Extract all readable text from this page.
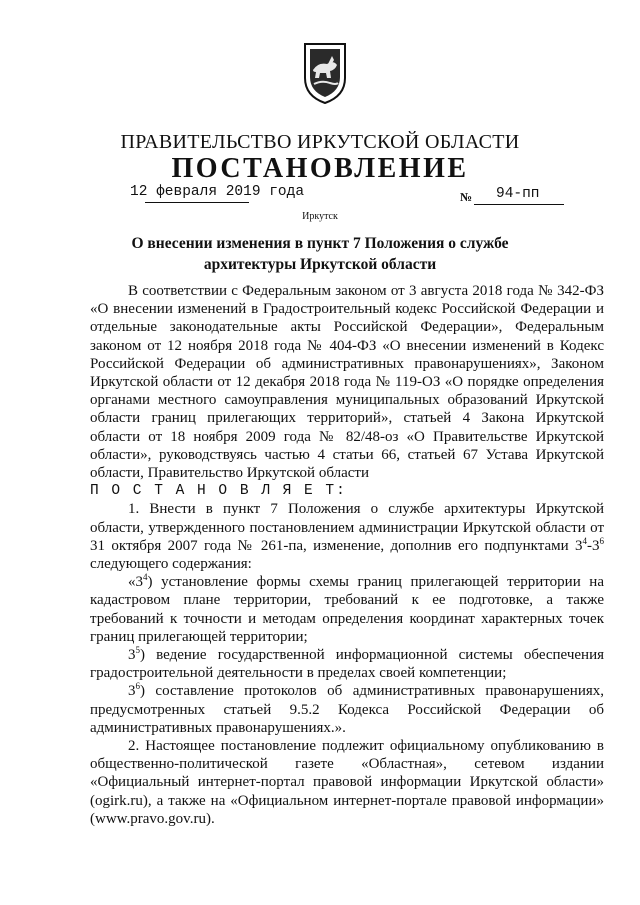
ПРАВИТЕЛЬСТВО ИРКУТСКОЙ ОБЛАСТИ
ПОСТАНОВЛЕНИЕ
12 февраля 2019 года	№ 94-пп
Иркутск
О внесении изменения в пункт 7 Положения о службе архитектуры Иркутской области

В соответствии с Федеральным законом от 3 августа 2018 года № 342-ФЗ «О внесении изменений в Градостроительный кодекс Российской Федерации и отдельные законодательные акты Российской Федерации», Федеральным законом от 12 ноября 2018 года № 404-ФЗ «О внесении изменений в Кодекс Российской Федерации об административных правонарушениях», Законом Иркутской области от 12 декабря 2018 года № 119-ОЗ «О порядке определения органами местного самоуправления муниципальных образований Иркутской области границ прилегающих территорий», статьей 4 Закона Иркутской области от 18 ноября 2009 года № 82/48-оз «О Правительстве Иркутской области», руководствуясь частью 4 статьи 66, статьей 67 Устава Иркутской области, Правительство Иркутской области

П О С Т А Н О В Л Я Е Т:

1. Внести в пункт 7 Положения о службе архитектуры Иркутской области, утвержденного постановлением администрации Иркутской области от 31 октября 2007 года № 261-па, изменение, дополнив его подпунктами $3^4-3^6$ следующего содержания:

«$3^4$) установление формы схемы границ прилегающей территории на кадастровом плане территории, требований к ее подготовке, а также требований к точности и методам определения координат характерных точек границ прилегающей территории;

$3^5$) ведение государственной информационной системы обеспечения градостроительной деятельности в пределах своей компетенции;

$3^6$) составление протоколов об административных правонарушениях, предусмотренных статьей 9.5.2 Кодекса Российской Федерации об административных правонарушениях.».

2. Настоящее постановление подлежит официальному опубликованию в общественно-политической газете «Областная», сетевом издании «Официальный интернет-портал правовой информации Иркутской области» (ogirk.ru), а также на «Официальном интернет-портале правовой информации» (www.pravo.gov.ru).
